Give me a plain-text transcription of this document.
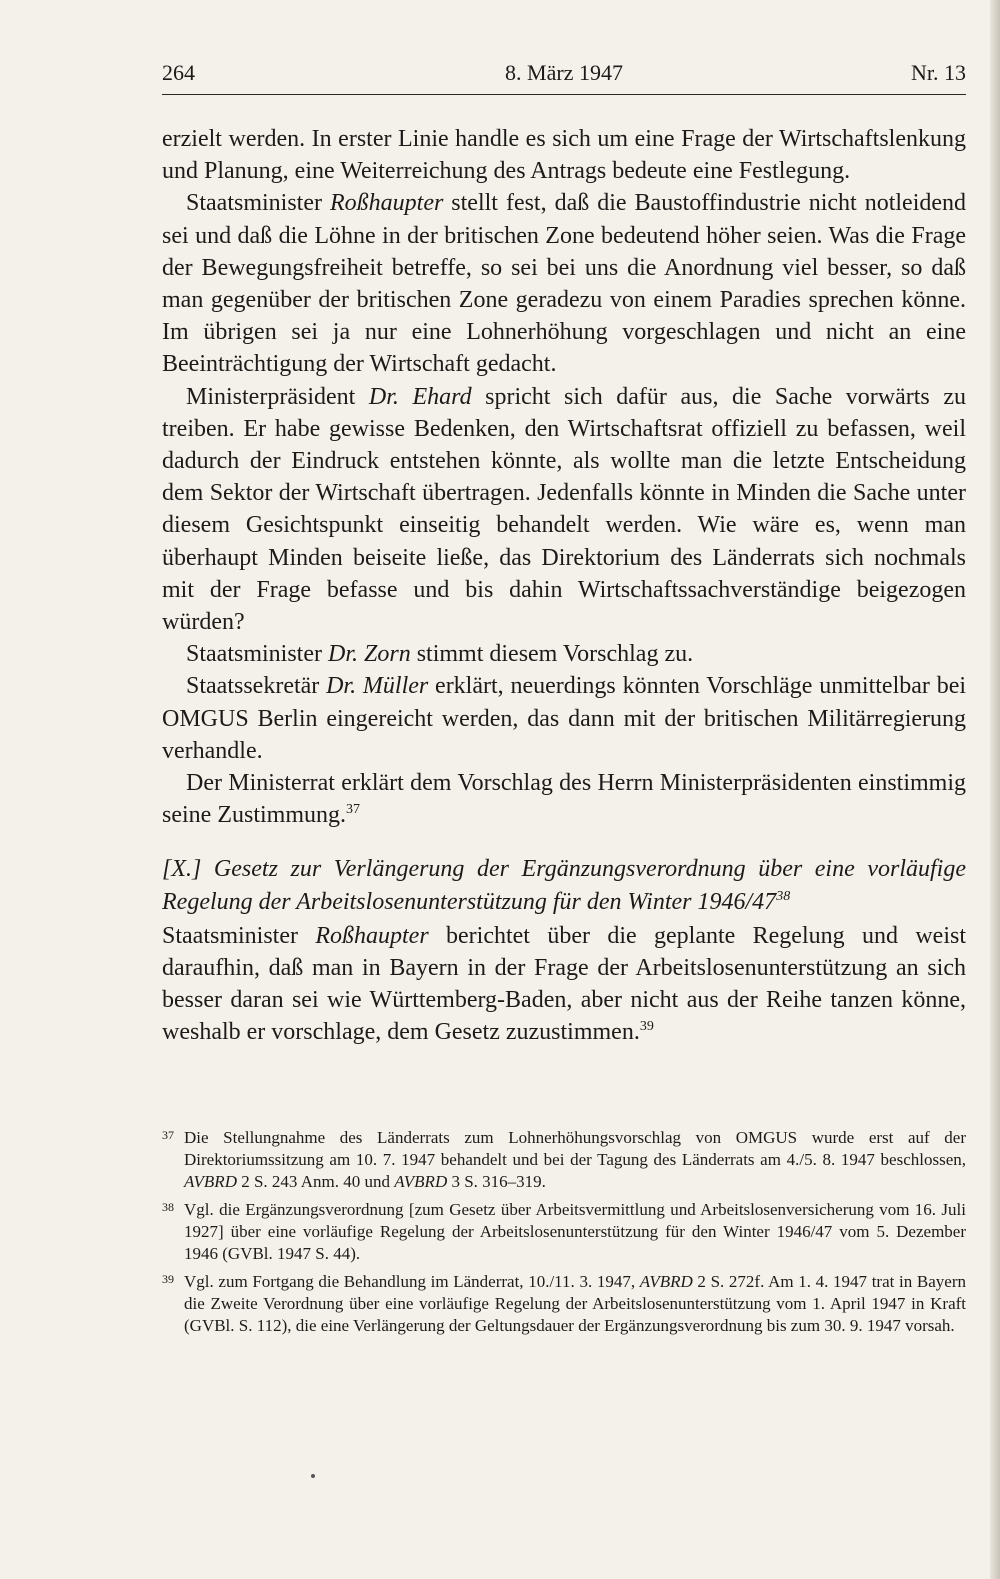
264	8. März 1947	Nr. 13

erzielt werden. In erster Linie handle es sich um eine Frage der Wirtschaftslenkung und Planung, eine Weiterreichung des Antrags bedeute eine Festlegung.

Staatsminister Roßhaupter stellt fest, daß die Baustoffindustrie nicht notleidend sei und daß die Löhne in der britischen Zone bedeutend höher seien. Was die Frage der Bewegungsfreiheit betreffe, so sei bei uns die Anordnung viel besser, so daß man gegenüber der britischen Zone geradezu von einem Paradies sprechen könne. Im übrigen sei ja nur eine Lohnerhöhung vorgeschlagen und nicht an eine Beeinträchtigung der Wirtschaft gedacht.

Ministerpräsident Dr. Ehard spricht sich dafür aus, die Sache vorwärts zu treiben. Er habe gewisse Bedenken, den Wirtschaftsrat offiziell zu befassen, weil dadurch der Eindruck entstehen könnte, als wollte man die letzte Entscheidung dem Sektor der Wirtschaft übertragen. Jedenfalls könnte in Minden die Sache unter diesem Gesichtspunkt einseitig behandelt werden. Wie wäre es, wenn man überhaupt Minden beiseite ließe, das Direktorium des Länderrats sich nochmals mit der Frage befasse und bis dahin Wirtschaftssachverständige beigezogen würden?

Staatsminister Dr. Zorn stimmt diesem Vorschlag zu.

Staatssekretär Dr. Müller erklärt, neuerdings könnten Vorschläge unmittelbar bei OMGUS Berlin eingereicht werden, das dann mit der britischen Militärregierung verhandle.

Der Ministerrat erklärt dem Vorschlag des Herrn Ministerpräsidenten einstimmig seine Zustimmung.$^{37}$

[X.] Gesetz zur Verlängerung der Ergänzungsverordnung über eine vorläufige Regelung der Arbeitslosenunterstützung für den Winter $1946/47^{38}$

Staatsminister Roßhaupter berichtet über die geplante Regelung und weist daraufhin, daß man in Bayern in der Frage der Arbeitslosenunterstützung an sich besser daran sei wie Württemberg-Baden, aber nicht aus der Reihe tanzen könne, weshalb er vorschlage, dem Gesetz zuzustimmen.$^{39}$

37 Die Stellungnahme des Länderrats zum Lohnerhöhungsvorschlag von OMGUS wurde erst auf der Direktoriumssitzung am 10. 7. 1947 behandelt und bei der Tagung des Länderrats am 4./5. 8. 1947 beschlossen, AVBRD 2 S. 243 Anm. 40 und AVBRD 3 S. 316–319.
38 Vgl. die Ergänzungsverordnung [zum Gesetz über Arbeitsvermittlung und Arbeitslosenversicherung vom 16. Juli 1927] über eine vorläufige Regelung der Arbeitslosenunterstützung für den Winter 1946/47 vom 5. Dezember 1946 (GVBl. 1947 S. 44).
39 Vgl. zum Fortgang die Behandlung im Länderrat, 10./11. 3. 1947, AVBRD 2 S. 272f. Am 1. 4. 1947 trat in Bayern die Zweite Verordnung über eine vorläufige Regelung der Arbeitslosenunterstützung vom 1. April 1947 in Kraft (GVBl. S. 112), die eine Verlängerung der Geltungsdauer der Ergänzungsverordnung bis zum 30. 9. 1947 vorsah.
